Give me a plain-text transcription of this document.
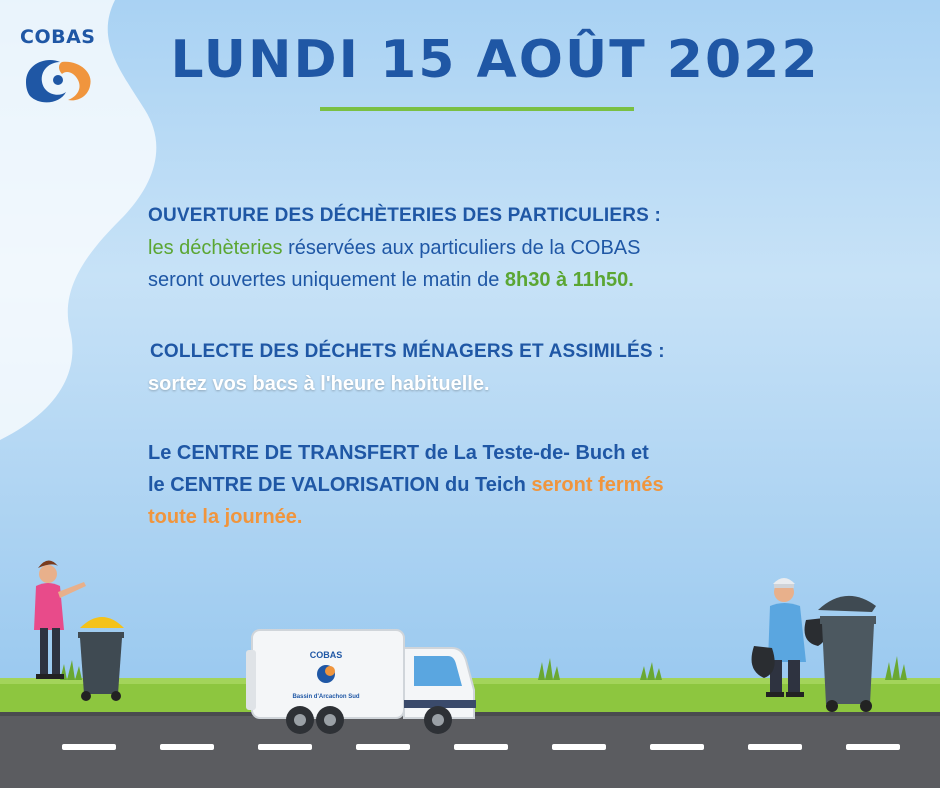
COBAS	LUNDI 15 AOÛT 2022
OUVERTURE DES DÉCHÈTERIES DES PARTICULIERS :
les déchèteries réservées aux particuliers de la COBAS
seront ouvertes uniquement le matin de 8h30 à 11h50.
COLLECTE DES DÉCHETS MÉNAGERS ET ASSIMILÉS :
sortez vos bacs à l'heure habituelle.
Le CENTRE DE TRANSFERT de La Teste-de- Buch et
le CENTRE DE VALORISATION du Teich seront fermés
toute la journée.
COBAS
Bassin d'Arcachon Sud
